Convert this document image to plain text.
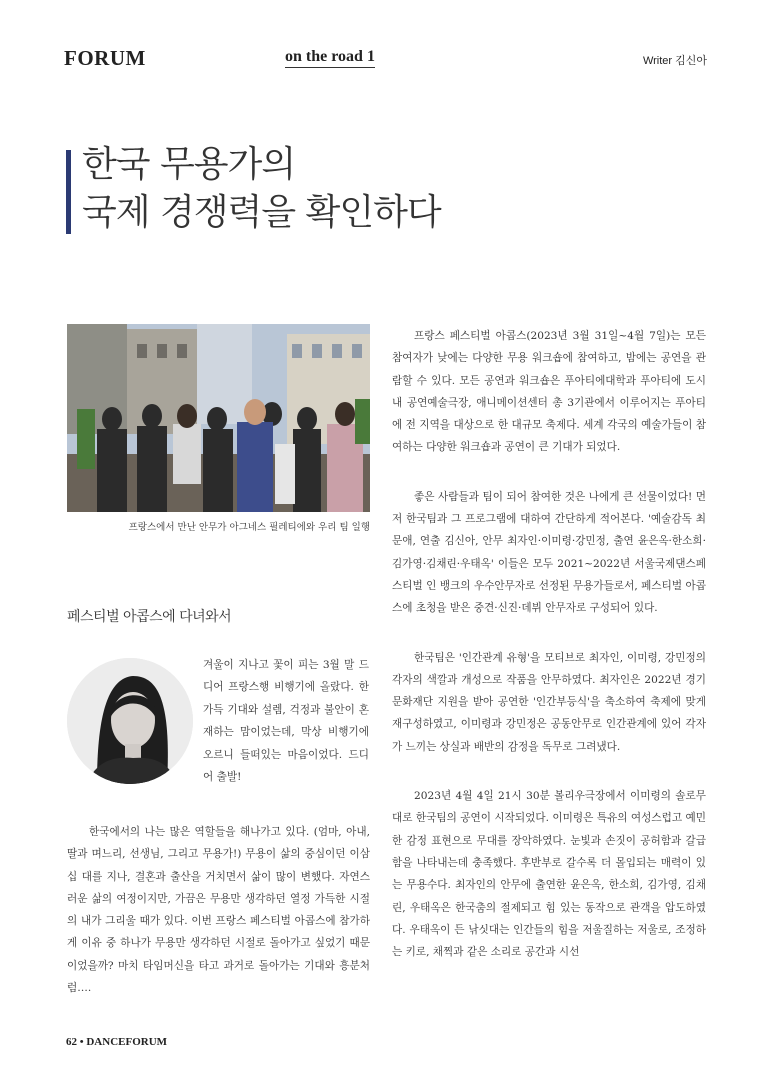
FORUM	on the road 1	Writer 김신아
한국 무용가의
국제 경쟁력을 확인하다
프랑스에서 만난 안무가 아그네스 필레티에와 우리 팀 일행
페스티벌 아콥스에 다녀와서

겨울이 지나고 꽃이 피는 3월 말 드디어 프랑스행 비행기에 올랐다. 한가득 기대와 설렘, 걱정과 불안이 혼재하는 맘이었는데, 막상 비행기에 오르니 들떠있는 마음이었다. 드디어 출발!

한국에서의 나는 많은 역할들을 해나가고 있다. (엄마, 아내, 딸과 며느리, 선생님, 그리고 무용가!) 무용이 삶의 중심이던 이삼십 대를 지나, 결혼과 출산을 거치면서 삶이 많이 변했다. 자연스러운 삶의 여정이지만, 가끔은 무용만 생각하던 열정 가득한 시절의 내가 그리울 때가 있다. 이번 프랑스 페스티벌 아콥스에 참가하게 이유 중 하나가 무용만 생각하던 시절로 돌아가고 싶었기 때문이었을까? 마치 타임머신을 타고 과거로 돌아가는 기대와 흥분처럼….

프랑스 페스티벌 아콥스(2023년 3월 31일~4월 7일)는 모든 참여자가 낮에는 다양한 무용 워크숍에 참여하고, 밤에는 공연을 관람할 수 있다. 모든 공연과 워크숍은 푸아티에대학과 푸아티에 도시 내 공연예술극장, 애니메이션센터 총 3기관에서 이루어지는 푸아티에 전 지역을 대상으로 한 대규모 축제다. 세계 각국의 예술가들이 참여하는 다양한 워크숍과 공연이 큰 기대가 되었다.

좋은 사람들과 팀이 되어 참여한 것은 나에게 큰 선물이었다! 먼저 한국팀과 그 프로그램에 대하여 간단하게 적어본다. '예술감독 최문애, 연출 김신아, 안무 최자인·이미령·강민정, 출연 윤은옥·한소희·김가영·김채린·우태옥' 이들은 모두 2021~2022년 서울국제댄스페스티벌 인 뱅크의 우수안무자로 선정된 무용가들로서, 페스티벌 아콥스에 초청을 받은 중견·신진·데뷔 안무자로 구성되어 있다.

한국팀은 '인간관계 유형'을 모티브로 최자인, 이미령, 강민정의 각자의 색깔과 개성으로 작품을 안무하였다. 최자인은 2022년 경기문화재단 지원을 받아 공연한 '인간부등식'을 축소하여 축제에 맞게 재구성하였고, 이미령과 강민정은 공동안무로 인간관계에 있어 각자가 느끼는 상실과 배반의 감정을 독무로 그려냈다.

2023년 4월 4일 21시 30분 볼리우극장에서 이미령의 솔로무대로 한국팀의 공연이 시작되었다. 이미령은 특유의 여성스럽고 예민한 감정 표현으로 무대를 장악하였다. 눈빛과 손짓이 공허함과 갈급함을 나타내는데 충족했다. 후반부로 갈수록 더 몰입되는 매력이 있는 무용수다. 최자인의 안무에 출연한 윤은옥, 한소희, 김가영, 김채린, 우태옥은 한국춤의 절제되고 힘 있는 동작으로 관객을 압도하였다. 우태옥이 든 낚싯대는 인간들의 힘을 저울질하는 저울로, 조정하는 키로, 채찍과 같은 소리로 공간과 시선

62 • DANCEFORUM
